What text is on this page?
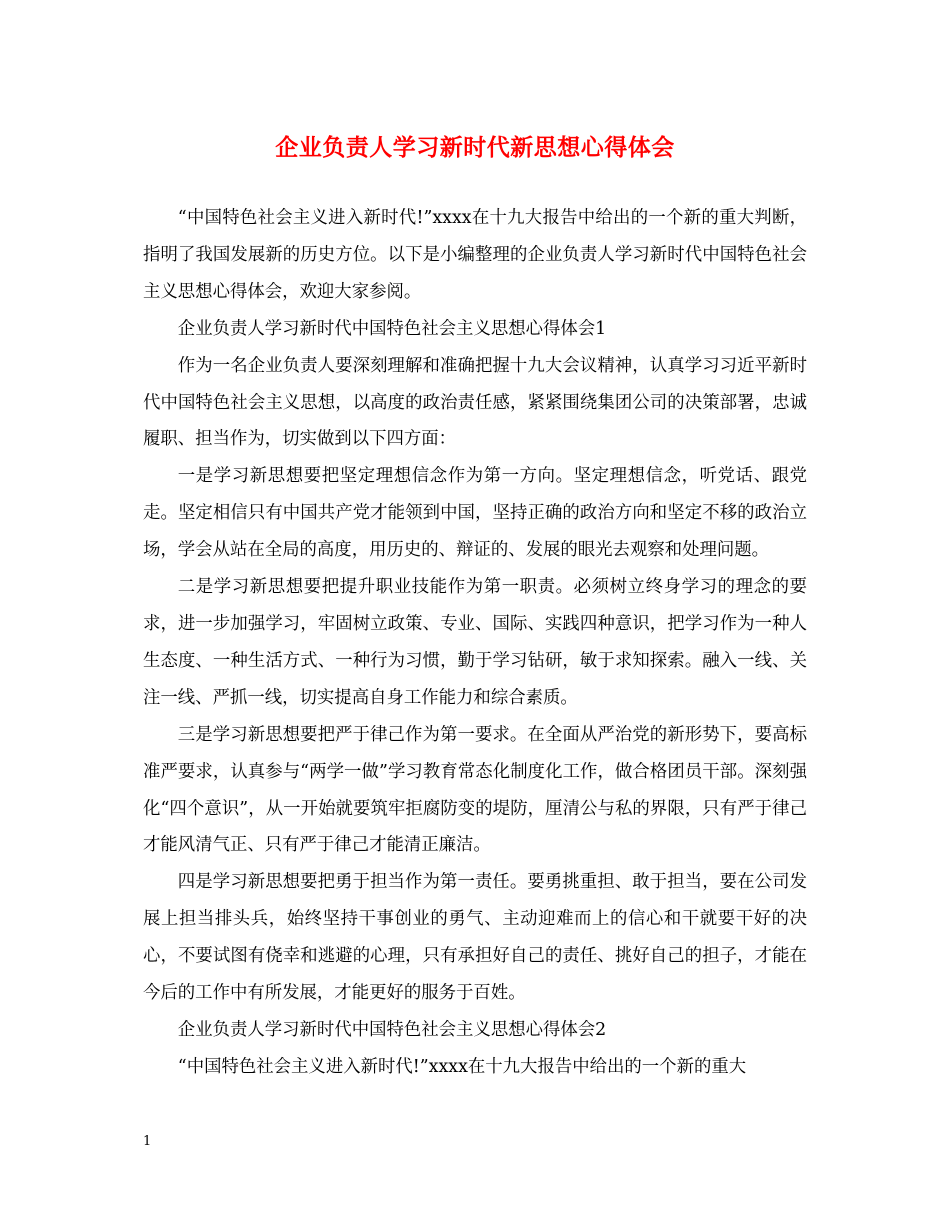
企业负责人学习新时代新思想心得体会

“中国特色社会主义进入新时代!”xxxx在十九大报告中给出的一个新的重大判断，指明了我国发展新的历史方位。以下是小编整理的企业负责人学习新时代中国特色社会主义思想心得体会，欢迎大家参阅。

企业负责人学习新时代中国特色社会主义思想心得体会1

作为一名企业负责人要深刻理解和准确把握十九大会议精神，认真学习习近平新时代中国特色社会主义思想，以高度的政治责任感，紧紧围绕集团公司的决策部署，忠诚履职、担当作为，切实做到以下四方面：

一是学习新思想要把坚定理想信念作为第一方向。坚定理想信念，听党话、跟党走。坚定相信只有中国共产党才能领到中国，坚持正确的政治方向和坚定不移的政治立场，学会从站在全局的高度，用历史的、辩证的、发展的眼光去观察和处理问题。

二是学习新思想要把提升职业技能作为第一职责。必须树立终身学习的理念的要求，进一步加强学习，牢固树立政策、专业、国际、实践四种意识，把学习作为一种人生态度、一种生活方式、一种行为习惯，勤于学习钻研，敏于求知探索。融入一线、关注一线、严抓一线，切实提高自身工作能力和综合素质。

三是学习新思想要把严于律己作为第一要求。在全面从严治党的新形势下，要高标准严要求，认真参与“两学一做”学习教育常态化制度化工作，做合格团员干部。深刻强化“四个意识”，从一开始就要筑牢拒腐防变的堤防，厘清公与私的界限，只有严于律己才能风清气正、只有严于律己才能清正廉洁。

四是学习新思想要把勇于担当作为第一责任。要勇挑重担、敢于担当，要在公司发展上担当排头兵，始终坚持干事创业的勇气、主动迎难而上的信心和干就要干好的决心，不要试图有侥幸和逃避的心理，只有承担好自己的责任、挑好自己的担子，才能在今后的工作中有所发展，才能更好的服务于百姓。

企业负责人学习新时代中国特色社会主义思想心得体会2

“中国特色社会主义进入新时代!”xxxx在十九大报告中给出的一个新的重大

1
